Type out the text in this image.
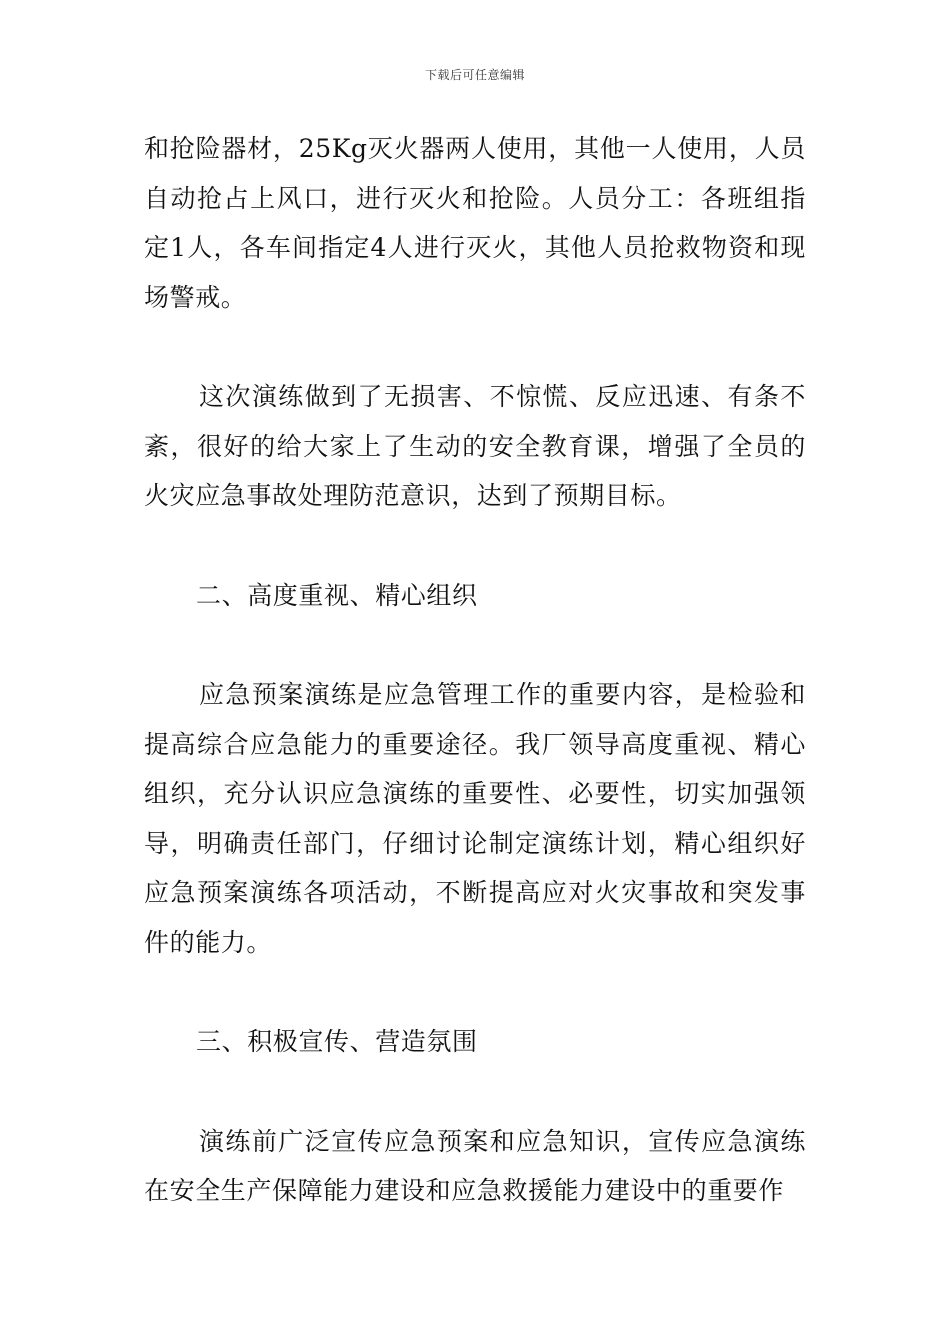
下载后可任意编辑

和抢险器材，25Kg灭火器两人使用，其他一人使用，人员自动抢占上风口，进行灭火和抢险。人员分工：各班组指定1人，各车间指定4人进行灭火，其他人员抢救物资和现场警戒。

这次演练做到了无损害、不惊慌、反应迅速、有条不紊，很好的给大家上了生动的安全教育课，增强了全员的火灾应急事故处理防范意识，达到了预期目标。

二、高度重视、精心组织

应急预案演练是应急管理工作的重要内容，是检验和提高综合应急能力的重要途径。我厂领导高度重视、精心组织，充分认识应急演练的重要性、必要性，切实加强领导，明确责任部门，仔细讨论制定演练计划，精心组织好应急预案演练各项活动，不断提高应对火灾事故和突发事件的能力。

三、积极宣传、营造氛围

演练前广泛宣传应急预案和应急知识，宣传应急演练在安全生产保障能力建设和应急救援能力建设中的重要作
